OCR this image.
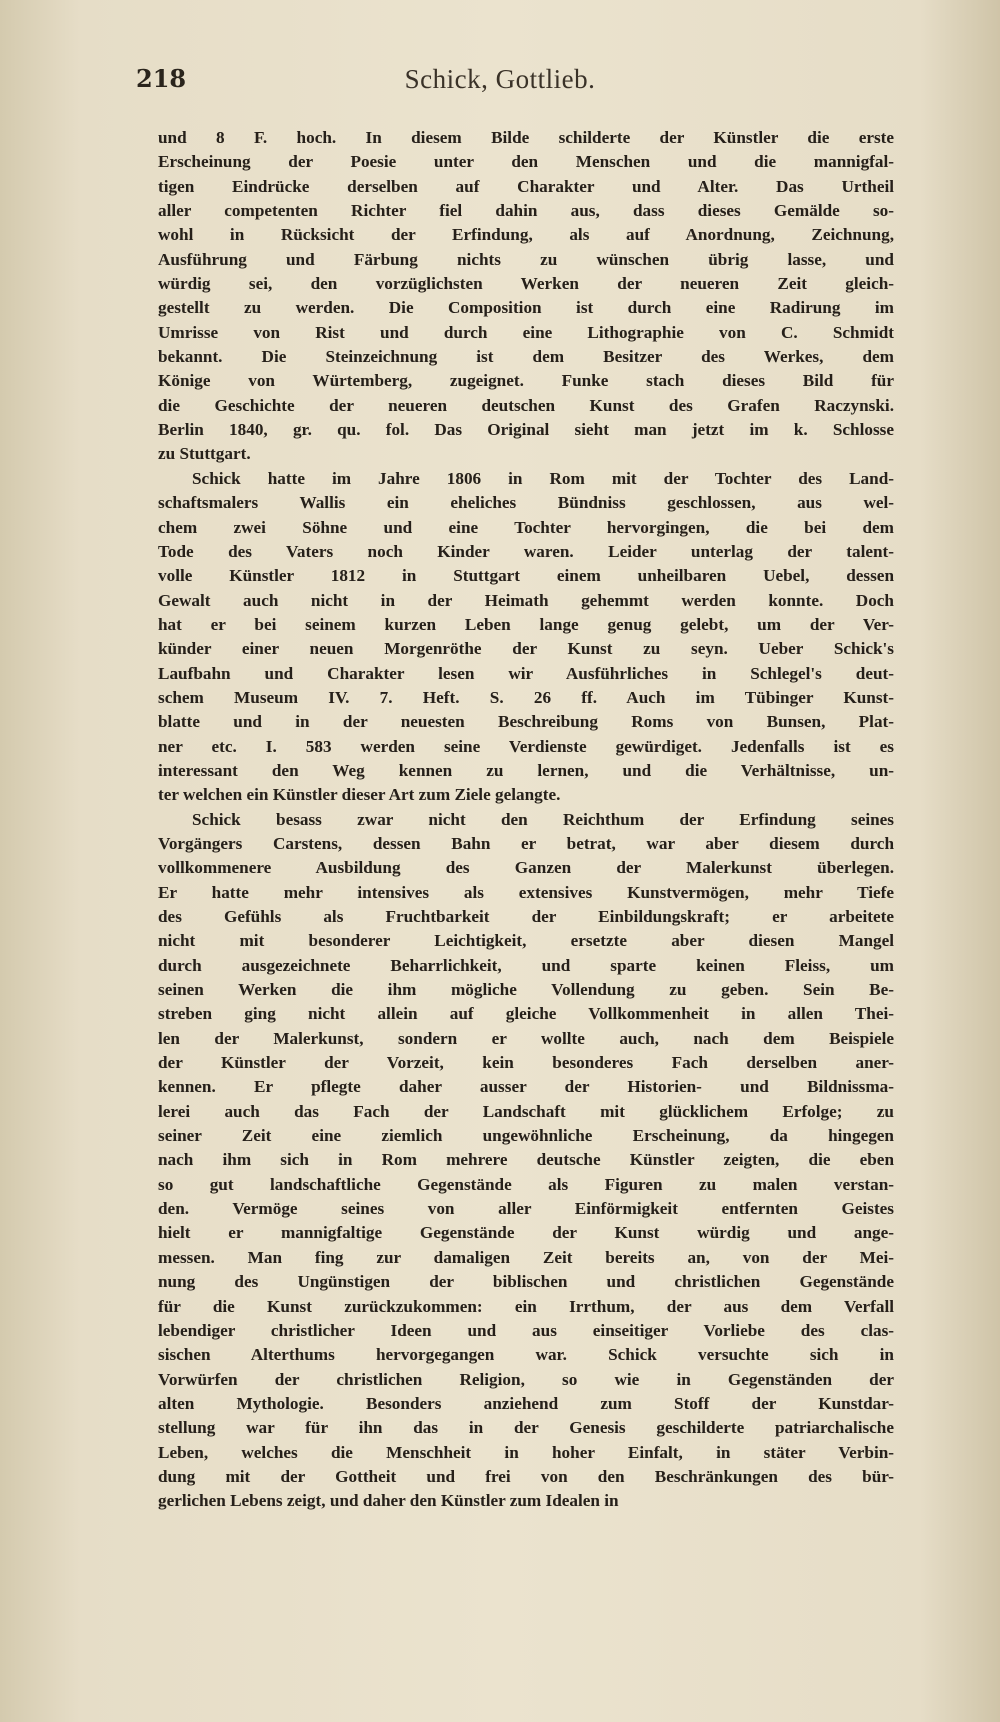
218	Schick, Gottlieb.
und 8 F. hoch. In diesem Bilde schilderte der Künstler die erste
Erscheinung der Poesie unter den Menschen und die mannigfal-
tigen Eindrücke derselben auf Charakter und Alter. Das Urtheil
aller competenten Richter fiel dahin aus, dass dieses Gemälde so-
wohl in Rücksicht der Erfindung, als auf Anordnung, Zeichnung,
Ausführung und Färbung nichts zu wünschen übrig lasse, und
würdig sei, den vorzüglichsten Werken der neueren Zeit gleich-
gestellt zu werden. Die Composition ist durch eine Radirung im
Umrisse von Rist und durch eine Lithographie von C. Schmidt
bekannt. Die Steinzeichnung ist dem Besitzer des Werkes, dem
Könige von Würtemberg, zugeignet. Funke stach dieses Bild für
die Geschichte der neueren deutschen Kunst des Grafen Raczynski.
Berlin 1840, gr. qu. fol. Das Original sieht man jetzt im k. Schlosse
zu Stuttgart.
Schick hatte im Jahre 1806 in Rom mit der Tochter des Land-
schaftsmalers Wallis ein eheliches Bündniss geschlossen, aus wel-
chem zwei Söhne und eine Tochter hervorgingen, die bei dem
Tode des Vaters noch Kinder waren. Leider unterlag der talent-
volle Künstler 1812 in Stuttgart einem unheilbaren Uebel, dessen
Gewalt auch nicht in der Heimath gehemmt werden konnte. Doch
hat er bei seinem kurzen Leben lange genug gelebt, um der Ver-
künder einer neuen Morgenröthe der Kunst zu seyn. Ueber Schick's
Laufbahn und Charakter lesen wir Ausführliches in Schlegel's deut-
schem Museum IV. 7. Heft. S. 26 ff. Auch im Tübinger Kunst-
blatte und in der neuesten Beschreibung Roms von Bunsen, Plat-
ner etc. I. 583 werden seine Verdienste gewürdiget. Jedenfalls ist es
interessant den Weg kennen zu lernen, und die Verhältnisse, un-
ter welchen ein Künstler dieser Art zum Ziele gelangte.
Schick besass zwar nicht den Reichthum der Erfindung seines
Vorgängers Carstens, dessen Bahn er betrat, war aber diesem durch
vollkommenere Ausbildung des Ganzen der Malerkunst überlegen.
Er hatte mehr intensives als extensives Kunstvermögen, mehr Tiefe
des Gefühls als Fruchtbarkeit der Einbildungskraft; er arbeitete
nicht mit besonderer Leichtigkeit, ersetzte aber diesen Mangel
durch ausgezeichnete Beharrlichkeit, und sparte keinen Fleiss, um
seinen Werken die ihm mögliche Vollendung zu geben. Sein Be-
streben ging nicht allein auf gleiche Vollkommenheit in allen Thei-
len der Malerkunst, sondern er wollte auch, nach dem Beispiele
der Künstler der Vorzeit, kein besonderes Fach derselben aner-
kennen. Er pflegte daher ausser der Historien- und Bildnissma-
lerei auch das Fach der Landschaft mit glücklichem Erfolge; zu
seiner Zeit eine ziemlich ungewöhnliche Erscheinung, da hingegen
nach ihm sich in Rom mehrere deutsche Künstler zeigten, die eben
so gut landschaftliche Gegenstände als Figuren zu malen verstan-
den. Vermöge seines von aller Einförmigkeit entfernten Geistes
hielt er mannigfaltige Gegenstände der Kunst würdig und ange-
messen. Man fing zur damaligen Zeit bereits an, von der Mei-
nung des Ungünstigen der biblischen und christlichen Gegenstände
für die Kunst zurückzukommen: ein Irrthum, der aus dem Verfall
lebendiger christlicher Ideen und aus einseitiger Vorliebe des clas-
sischen Alterthums hervorgegangen war. Schick versuchte sich in
Vorwürfen der christlichen Religion, so wie in Gegenständen der
alten Mythologie. Besonders anziehend zum Stoff der Kunstdar-
stellung war für ihn das in der Genesis geschilderte patriarchalische
Leben, welches die Menschheit in hoher Einfalt, in stäter Verbin-
dung mit der Gottheit und frei von den Beschränkungen des bür-
gerlichen Lebens zeigt, und daher den Künstler zum Idealen in
